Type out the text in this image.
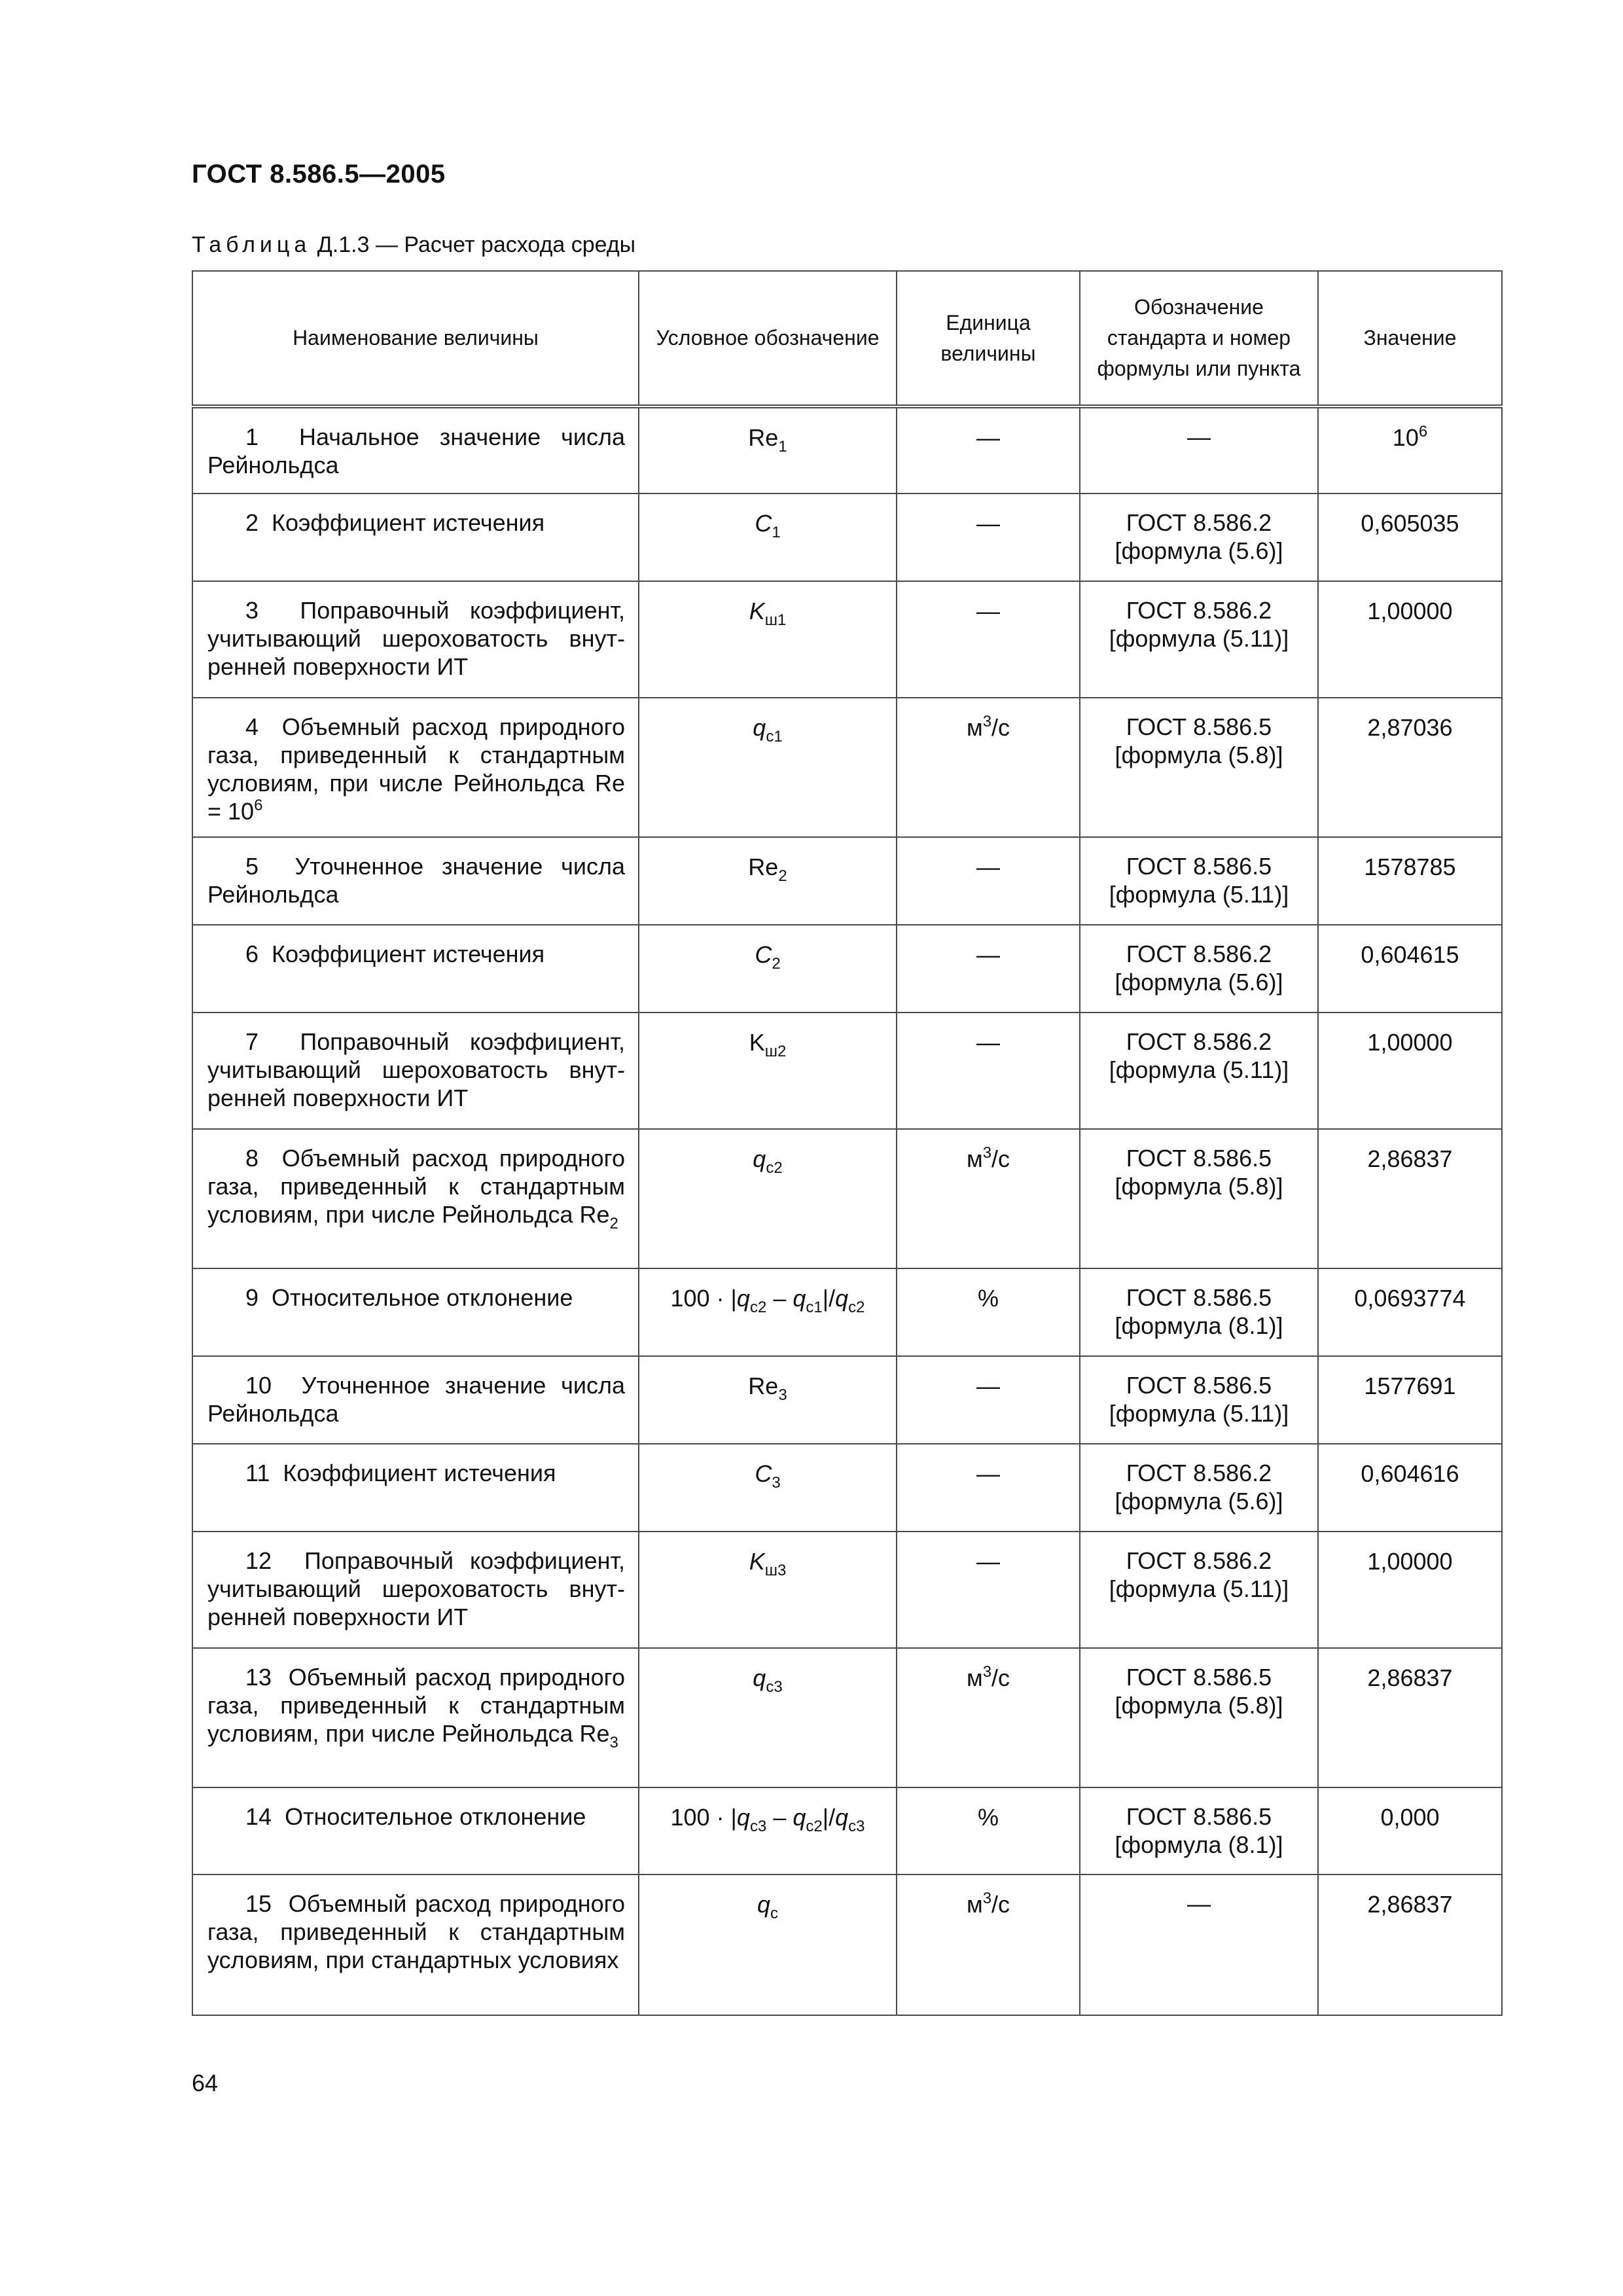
ГОСТ 8.586.5—2005

Таблица Д.1.3 — Расчет расхода среды

Наименование величины	Условное обозначение	Единица величины	Обозначение стандарта и номер формулы или пункта	Значение
1 Начальное значение числа Рейнольдса	$Re_1$	—	—	$10^6$
2 Коэффициент истечения	$C_1$	—	ГОСТ 8.586.2 [формула (5.6)]	0,605035
3 Поправочный коэффициент, учитывающий шероховатость внутренней поверхности ИТ	$K_{ш1}$	—	ГОСТ 8.586.2 [формула (5.11)]	1,00000
4 Объемный расход природного газа, приведенный к стандартным условиям, при числе Рейнольдса $Re = 10^6$	$q_{c1}$	$м^3/с$	ГОСТ 8.586.5 [формула (5.8)]	2,87036
5 Уточненное значение числа Рейнольдса	$Re_2$	—	ГОСТ 8.586.5 [формула (5.11)]	1578785
6 Коэффициент истечения	$C_2$	—	ГОСТ 8.586.2 [формула (5.6)]	0,604615
7 Поправочный коэффициент, учитывающий шероховатость внутренней поверхности ИТ	$K_{ш2}$	—	ГОСТ 8.586.2 [формула (5.11)]	1,00000
8 Объемный расход природного газа, приведенный к стандартным условиям, при числе Рейнольдса $Re_2$	$q_{c2}$	$м^3/с$	ГОСТ 8.586.5 [формула (5.8)]	2,86837
9 Относительное отклонение	$100 \cdot |q_{c2} - q_{c1}|/q_{c2}$	%	ГОСТ 8.586.5 [формула (8.1)]	0,0693774
10 Уточненное значение числа Рейнольдса	$Re_3$	—	ГОСТ 8.586.5 [формула (5.11)]	1577691
11 Коэффициент истечения	$C_3$	—	ГОСТ 8.586.2 [формула (5.6)]	0,604616
12 Поправочный коэффициент, учитывающий шероховатость внутренней поверхности ИТ	$K_{ш3}$	—	ГОСТ 8.586.2 [формула (5.11)]	1,00000
13 Объемный расход природного газа, приведенный к стандартным условиям, при числе Рейнольдса $Re_3$	$q_{c3}$	$м^3/с$	ГОСТ 8.586.5 [формула (5.8)]	2,86837
14 Относительное отклонение	$100 \cdot |q_{c3} - q_{c2}|/q_{c3}$	%	ГОСТ 8.586.5 [формула (8.1)]	0,000
15 Объемный расход природного газа, приведенный к стандартным условиям, при стандартных условиях	$q_c$	$м^3/с$	—	2,86837

64
